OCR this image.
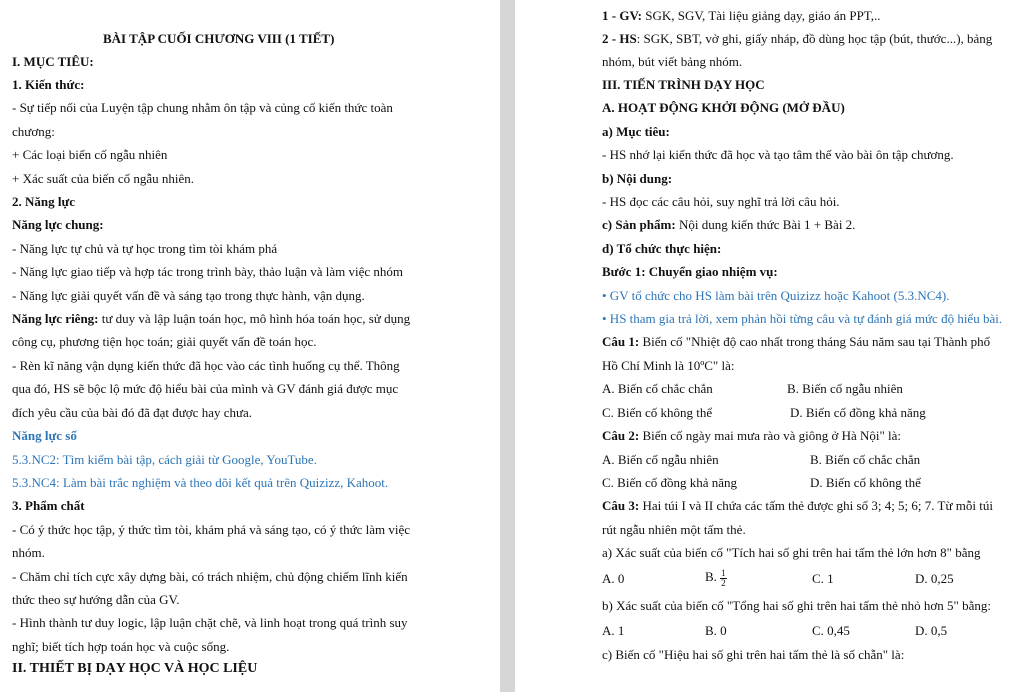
BÀI TẬP CUỐI CHƯƠNG VIII (1 TIẾT)
I. MỤC TIÊU:
1. Kiến thức:
- Sự tiếp nối của Luyện tập chung nhằm ôn tập và củng cố kiến thức toàn
chương:
+ Các loại biến cố ngẫu nhiên
+ Xác suất của biến cố ngẫu nhiên.
2. Năng lực
Năng lực chung:
- Năng lực tự chủ và tự học trong tìm tòi khám phá
- Năng lực giao tiếp và hợp tác trong trình bày, thảo luận và làm việc nhóm
- Năng lực giải quyết vấn đề và sáng tạo trong thực hành, vận dụng.
Năng lực riêng: tư duy và lập luận toán học, mô hình hóa toán học, sử dụng
công cụ, phương tiện học toán; giải quyết vấn đề toán học.
- Rèn kĩ năng vận dụng kiến thức đã học vào các tình huống cụ thể. Thông
qua đó, HS sẽ bộc lộ mức độ hiểu bài của mình và GV đánh giá được mục
đích yêu cầu của bài đó đã đạt được hay chưa.
Năng lực số
5.3.NC2: Tìm kiếm bài tập, cách giải từ Google, YouTube.
5.3.NC4: Làm bài trắc nghiệm và theo dõi kết quả trên Quizizz, Kahoot.
3. Phẩm chất
- Có ý thức học tập, ý thức tìm tòi, khám phá và sáng tạo, có ý thức làm việc
nhóm.
- Chăm chỉ tích cực xây dựng bài, có trách nhiệm, chủ động chiếm lĩnh kiến
thức theo sự hướng dẫn của GV.
- Hình thành tư duy logic, lập luận chặt chẽ, và linh hoạt trong quá trình suy
nghĩ; biết tích hợp toán học và cuộc sống.
II. THIẾT BỊ DẠY HỌC VÀ HỌC LIỆU
1 - GV: SGK, SGV, Tài liệu giảng dạy, giáo án PPT,..
2 - HS: SGK, SBT, vở ghi, giấy nháp, đồ dùng học tập (bút, thước...), bảng
nhóm, bút viết bảng nhóm.
III. TIẾN TRÌNH DẠY HỌC
A. HOẠT ĐỘNG KHỞI ĐỘNG (MỞ ĐẦU)
a) Mục tiêu:
- HS nhớ lại kiến thức đã học và tạo tâm thế vào bài ôn tập chương.
b) Nội dung:
- HS đọc các câu hỏi, suy nghĩ trả lời câu hỏi.
c) Sản phẩm: Nội dung kiến thức Bài 1 + Bài 2.
d) Tổ chức thực hiện:
Bước 1: Chuyển giao nhiệm vụ:
• GV tổ chức cho HS làm bài trên Quizizz hoặc Kahoot (5.3.NC4).
• HS tham gia trả lời, xem phản hồi từng câu và tự đánh giá mức độ hiểu bài.
Câu 1: Biến cố "Nhiệt độ cao nhất trong tháng Sáu năm sau tại Thành phố
Hồ Chí Minh là 10ºC" là:
A. Biến cố chắc chắn	B. Biến cố ngẫu nhiên
C. Biến cố không thể	D. Biến cố đồng khả năng
Câu 2: Biến cố ngày mai mưa rào và giông ở Hà Nội" là:
A. Biến cố ngẫu nhiên	B. Biến cố chắc chắn
C. Biến cố đồng khả năng	D. Biến cố không thể
Câu 3: Hai túi I và II chứa các tấm thẻ được ghi số 3; 4; 5; 6; 7. Từ mỗi túi
rút ngẫu nhiên một tấm thẻ.
a) Xác suất của biến cố "Tích hai số ghi trên hai tấm thẻ lớn hơn 8" bằng
A. 0	B. $\frac{1}{2}$	C. 1	D. 0,25
b) Xác suất của biến cố "Tổng hai số ghi trên hai tấm thẻ nhỏ hơn 5" bằng:
A. 1	B. 0	C. 0,45	D. 0,5
c) Biến cố "Hiệu hai số ghi trên hai tấm thẻ là số chẵn" là:
